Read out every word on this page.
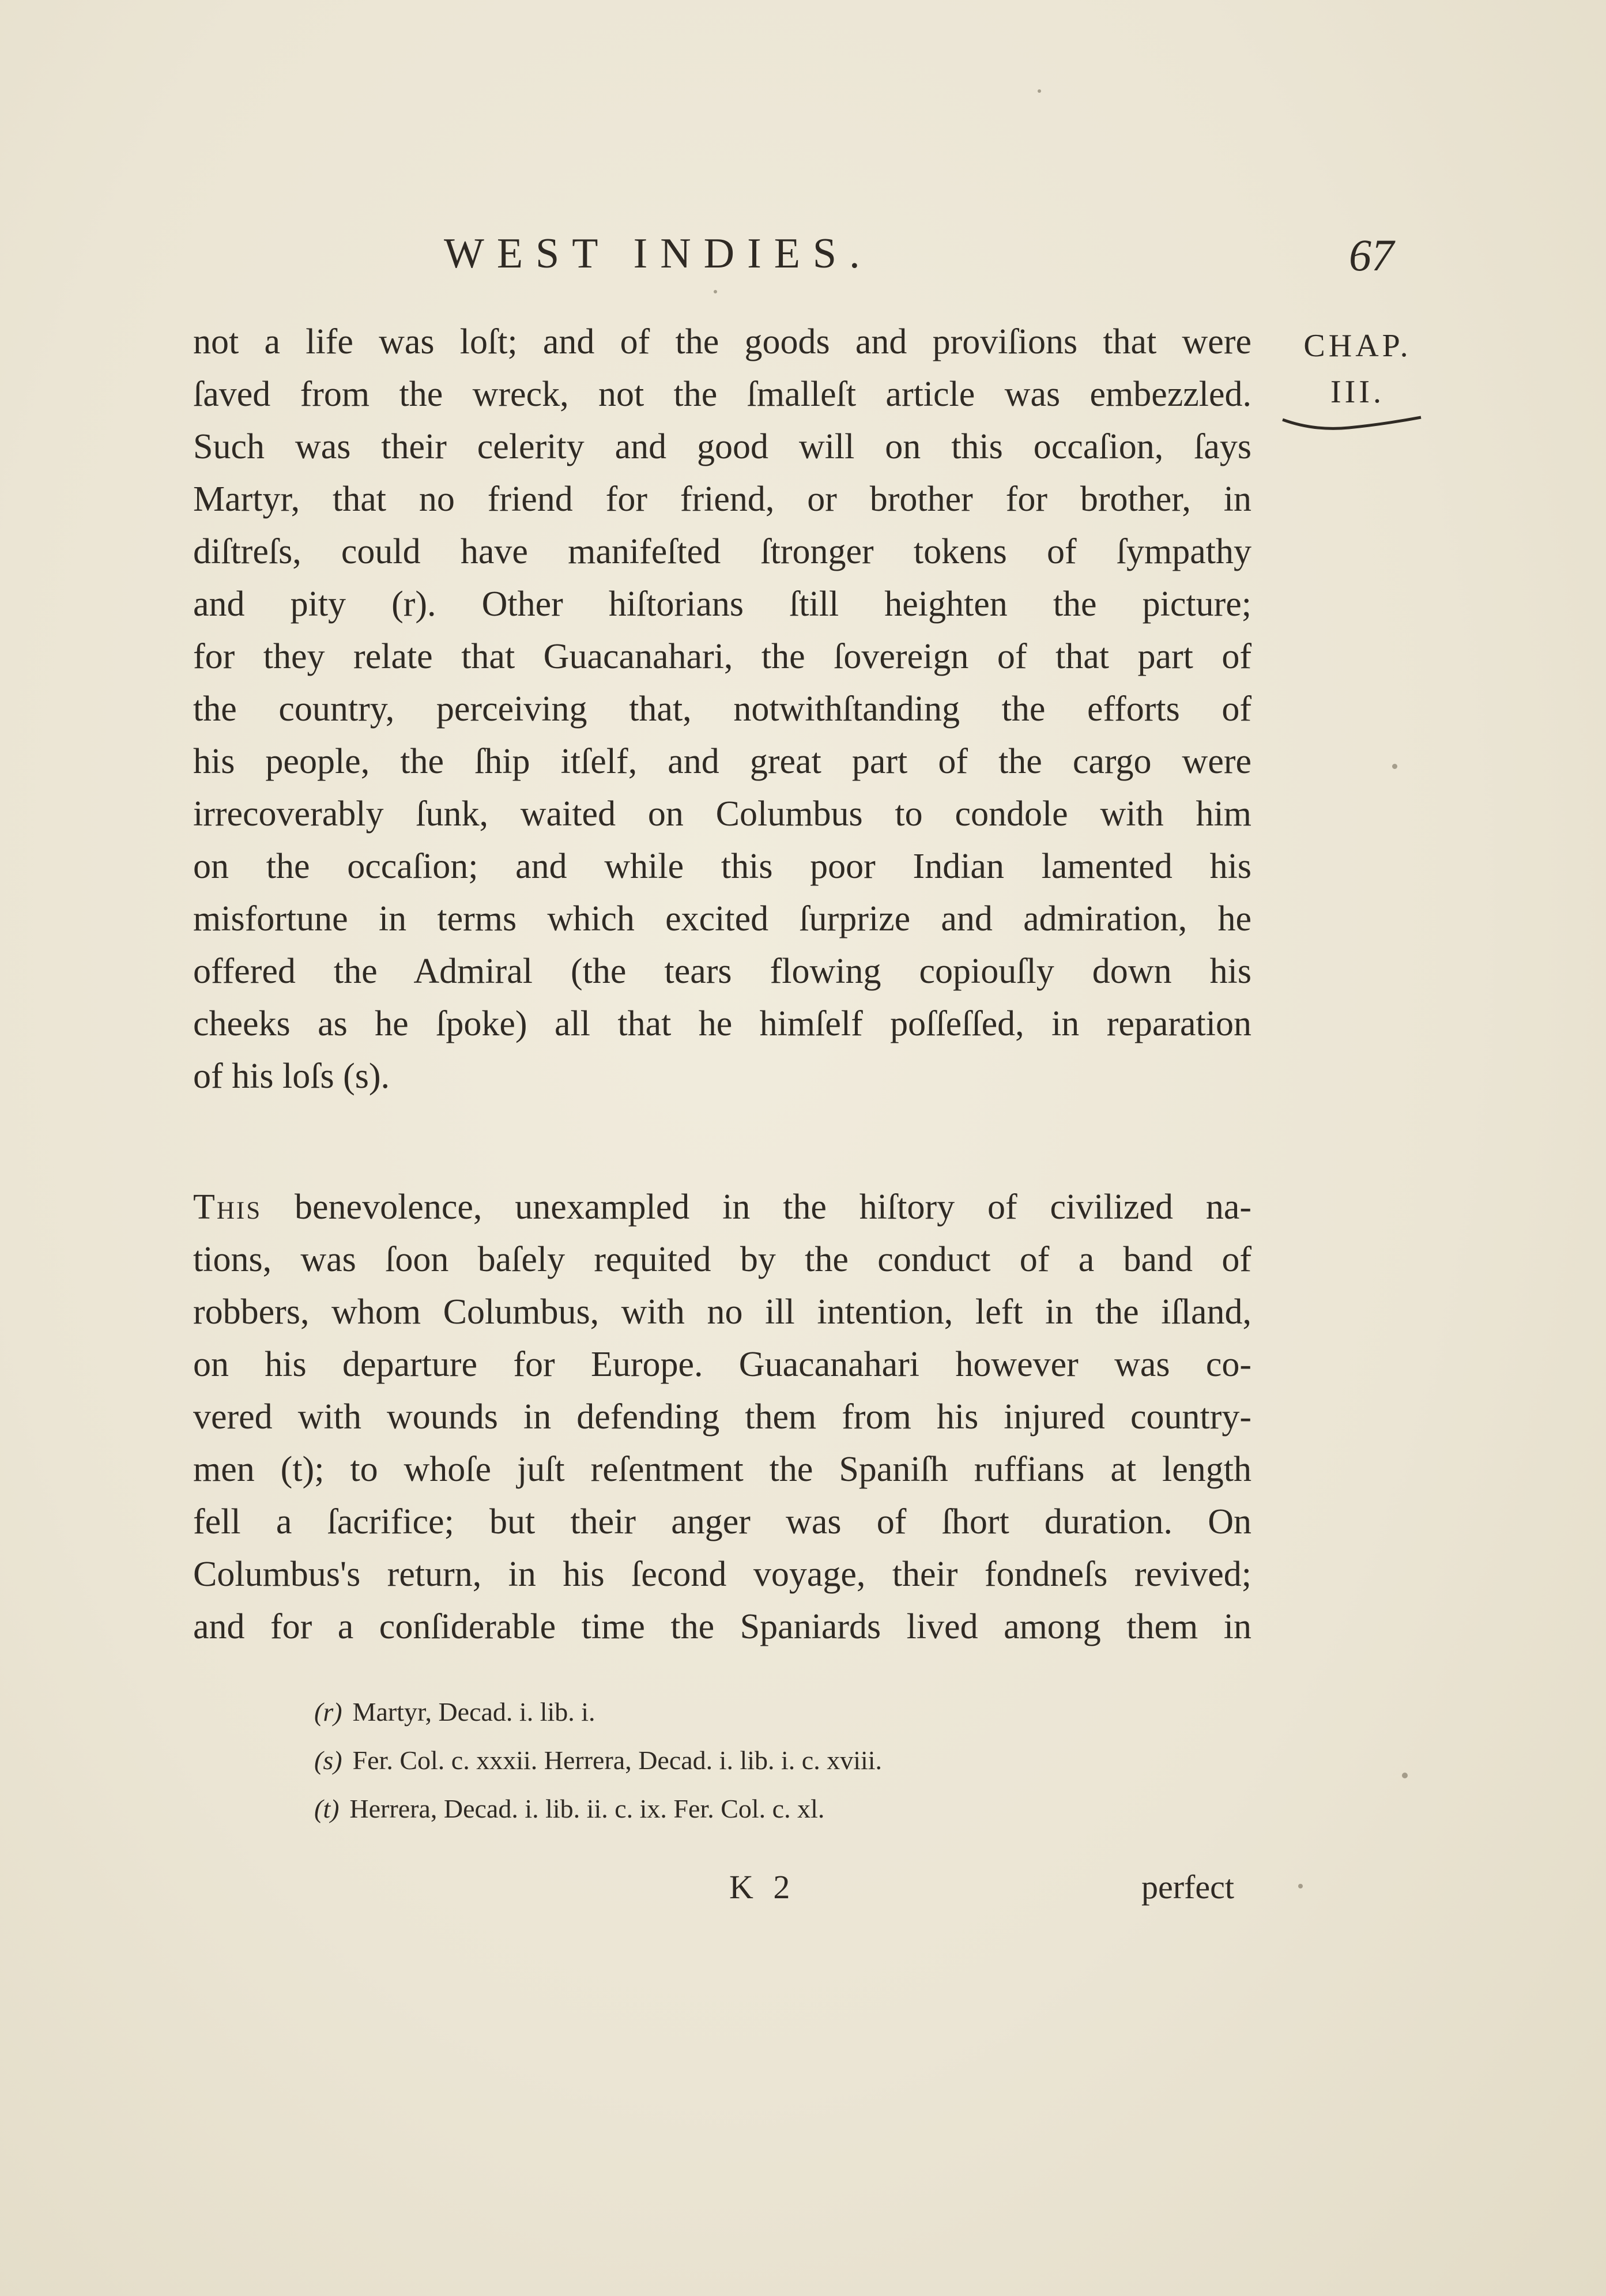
WEST INDIES.	67
CHAP.
III.

not a life was loſt; and of the goods and proviſions that were
ſaved from the wreck, not the ſmalleſt article was embezzled.
Such was their celerity and good will on this occaſion, ſays
Martyr, that no friend for friend, or brother for brother, in
diſtreſs, could have manifeſted ſtronger tokens of ſympathy
and pity (r). Other hiſtorians ſtill heighten the picture;
for they relate that Guacanahari, the ſovereign of that part of
the country, perceiving that, notwithſtanding the efforts of
his people, the ſhip itſelf, and great part of the cargo were
irrecoverably ſunk, waited on Columbus to condole with him
on the occaſion; and while this poor Indian lamented his
misfortune in terms which excited ſurprize and admiration, he
offered the Admiral (the tears flowing copiouſly down his
cheeks as he ſpoke) all that he himſelf poſſeſſed, in reparation
of his loſs (s).

This benevolence, unexampled in the hiſtory of civilized na-
tions, was ſoon baſely requited by the conduct of a band of
robbers, whom Columbus, with no ill intention, left in the iſland,
on his departure for Europe. Guacanahari however was co-
vered with wounds in defending them from his injured country-
men (t); to whoſe juſt reſentment the Spaniſh ruffians at length
fell a ſacrifice; but their anger was of ſhort duration. On
Columbus's return, in his ſecond voyage, their fondneſs revived;
and for a conſiderable time the Spaniards lived among them in

(r) Martyr, Decad. i. lib. i.
(s) Fer. Col. c. xxxii. Herrera, Decad. i. lib. i. c. xviii.
(t) Herrera, Decad. i. lib. ii. c. ix. Fer. Col. c. xl.
K 2	perfect
